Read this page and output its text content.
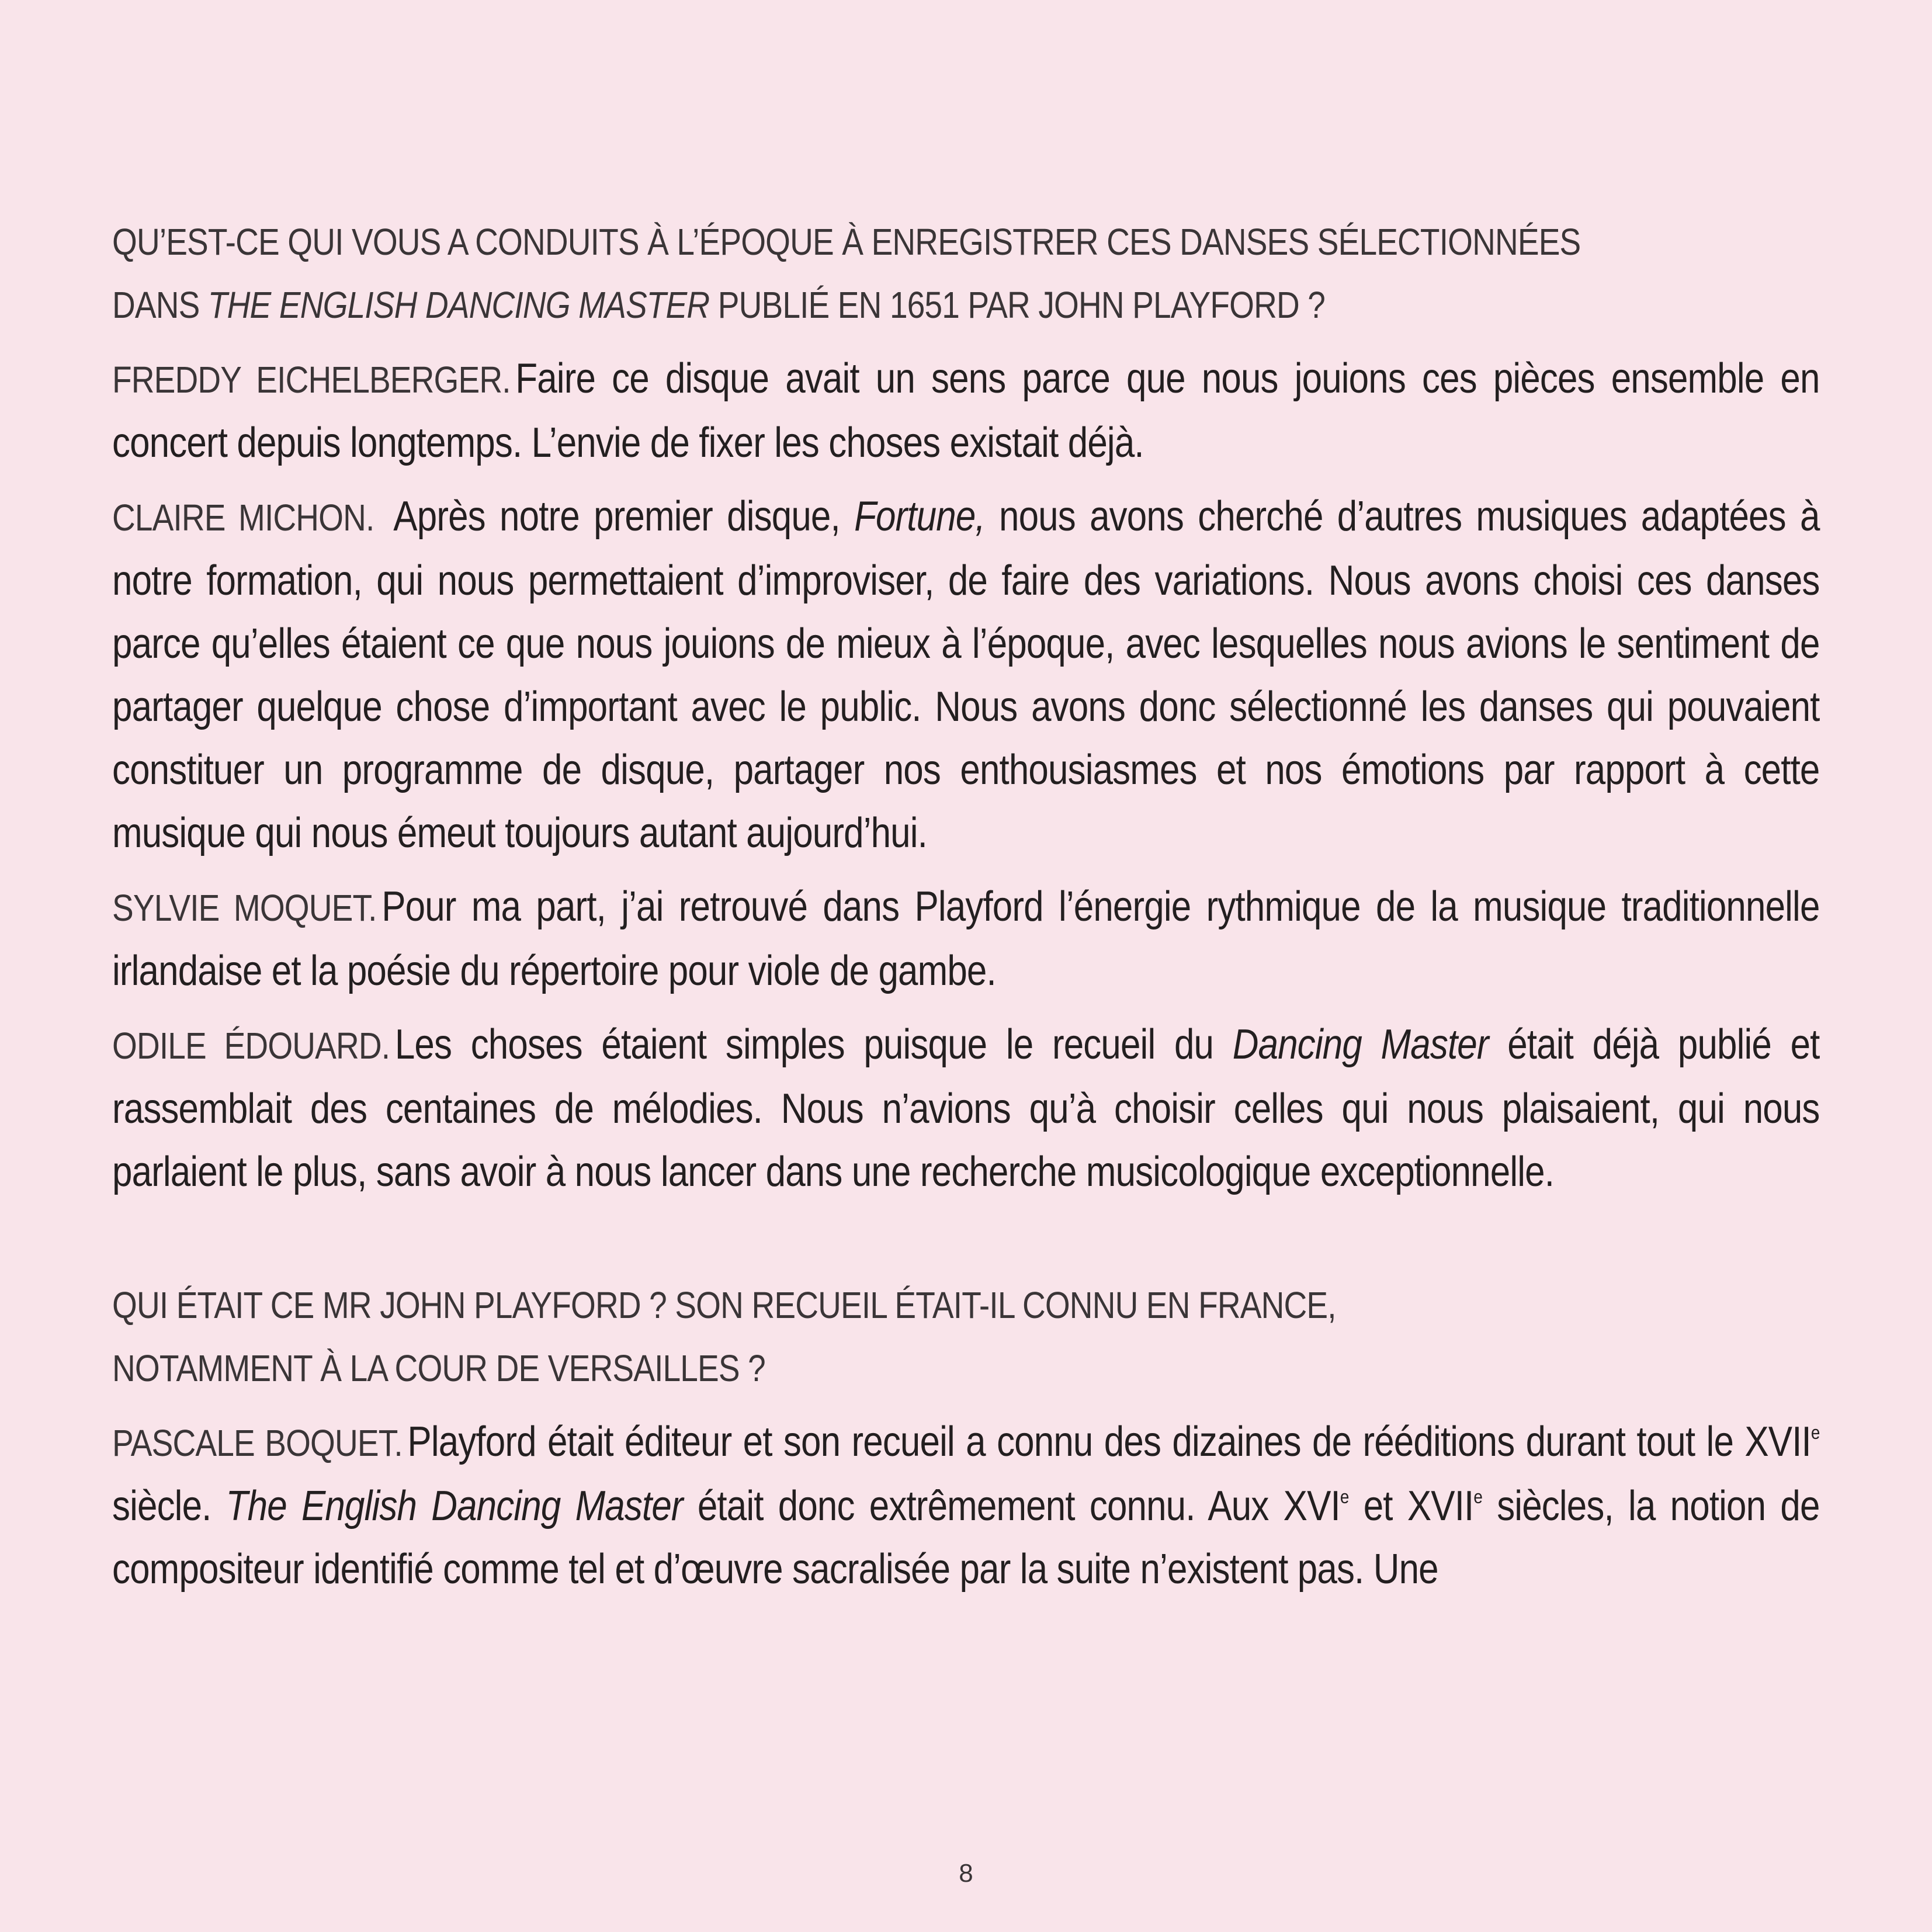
QU’EST-CE QUI VOUS A CONDUITS À L’ÉPOQUE À ENREGISTRER CES DANSES SÉLECTIONNÉES
DANS THE ENGLISH DANCING MASTER PUBLIÉ EN 1651 PAR JOHN PLAYFORD ?

FREDDY EICHELBERGER. Faire ce disque avait un sens parce que nous jouions ces pièces ensemble en concert depuis longtemps. L’envie de fixer les choses existait déjà.

CLAIRE MICHON. Après notre premier disque, Fortune, nous avons cherché d’autres musiques adaptées à notre formation, qui nous permettaient d’improviser, de faire des variations. Nous avons choisi ces danses parce qu’elles étaient ce que nous jouions de mieux à l’époque, avec lesquelles nous avions le sentiment de partager quelque chose d’important avec le public. Nous avons donc sélectionné les danses qui pouvaient constituer un programme de disque, partager nos enthousiasmes et nos émotions par rapport à cette musique qui nous émeut toujours autant aujourd’hui.

SYLVIE MOQUET. Pour ma part, j’ai retrouvé dans Playford l’énergie rythmique de la musique traditionnelle irlandaise et la poésie du répertoire pour viole de gambe.

ODILE ÉDOUARD. Les choses étaient simples puisque le recueil du Dancing Master était déjà publié et rassemblait des centaines de mélodies. Nous n’avions qu’à choisir celles qui nous plaisaient, qui nous parlaient le plus, sans avoir à nous lancer dans une recherche musicologique exceptionnelle.

QUI ÉTAIT CE MR JOHN PLAYFORD ? SON RECUEIL ÉTAIT-IL CONNU EN FRANCE,
NOTAMMENT À LA COUR DE VERSAILLES ?

PASCALE BOQUET. Playford était éditeur et son recueil a connu des dizaines de rééditions durant tout le XVIIe siècle. The English Dancing Master était donc extrêmement connu. Aux XVIe et XVIIe siècles, la notion de compositeur identifié comme tel et d’œuvre sacralisée par la suite n’existent pas. Une

8
